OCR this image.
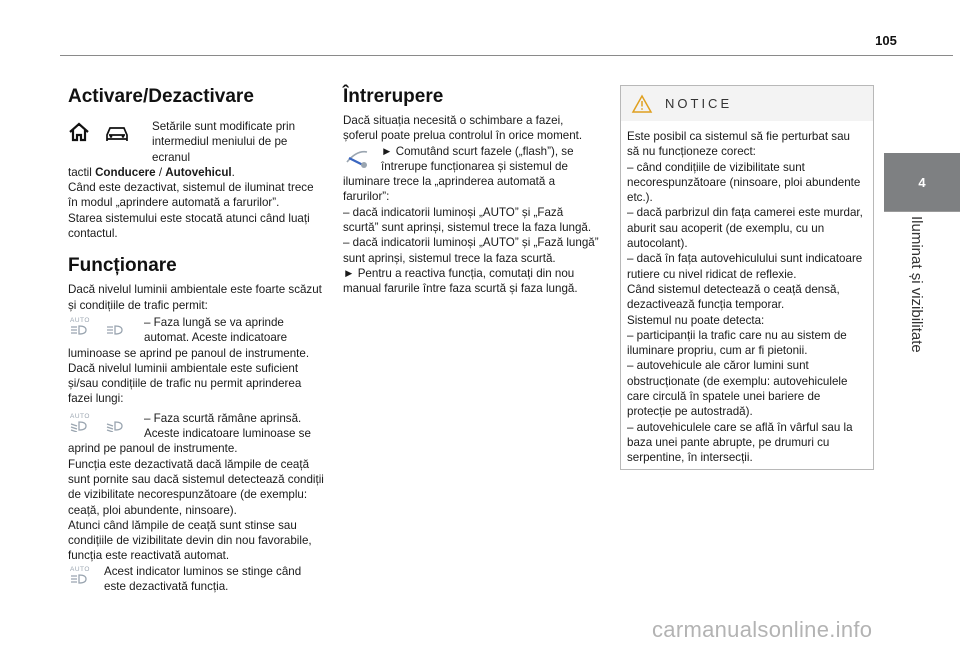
105
4
Iluminat și vizibilitate
Activare/Dezactivare

Setările sunt modificate prin intermediul meniului de pe ecranul

tactil Conducere / Autovehicul.

Când este dezactivat, sistemul de iluminat trece în modul „aprindere automată a farurilor”.

Starea sistemului este stocată atunci când luați contactul.

Funcționare

Dacă nivelul luminii ambientale este foarte scăzut și condițiile de trafic permit:

AUTO	– Faza lungă se va aprinde automat. Aceste indicatoare

luminoase se aprind pe panoul de instrumente.

Dacă nivelul luminii ambientale este suficient și/sau condițiile de trafic nu permit aprinderea fazei lungi:

AUTO	– Faza scurtă rămâne aprinsă. Aceste indicatoare luminoase se

aprind pe panoul de instrumente.

Funcția este dezactivată dacă lămpile de ceață sunt pornite sau dacă sistemul detectează condiții de vizibilitate necorespunzătoare (de exemplu: ceață, ploi abundente, ninsoare).

Atunci când lămpile de ceață sunt stinse sau condițiile de vizibilitate devin din nou favorabile, funcția este reactivată automat.

AUTO Acest indicator luminos se stinge când este dezactivată funcția.

Întrerupere

Dacă situația necesită o schimbare a fazei, șoferul poate prelua controlul în orice moment.

► Comutând scurt fazele („flash”), se întrerupe funcționarea și sistemul de

iluminare trece la „aprinderea automată a farurilor”:

– dacă indicatorii luminoși „AUTO” și „Fază scurtă” sunt aprinși, sistemul trece la faza lungă.

– dacă indicatorii luminoși „AUTO” și „Fază lungă” sunt aprinși, sistemul trece la faza scurtă.

► Pentru a reactiva funcția, comutați din nou manual farurile între faza scurtă și faza lungă.

NOTICE

Este posibil ca sistemul să fie perturbat sau să nu funcționeze corect:

– când condițiile de vizibilitate sunt necorespunzătoare (ninsoare, ploi abundente etc.).

– dacă parbrizul din fața camerei este murdar, aburit sau acoperit (de exemplu, cu un autocolant).

– dacă în fața autovehiculului sunt indicatoare rutiere cu nivel ridicat de reflexie.

Când sistemul detectează o ceață densă, dezactivează funcția temporar.

Sistemul nu poate detecta:

– participanții la trafic care nu au sistem de iluminare propriu, cum ar fi pietonii.

– autovehicule ale căror lumini sunt obstrucționate (de exemplu: autovehiculele care circulă în spatele unei bariere de protecție pe autostradă).

– autovehiculele care se află în vârful sau la baza unei pante abrupte, pe drumuri cu serpentine, în intersecții.

carmanualsonline.info
